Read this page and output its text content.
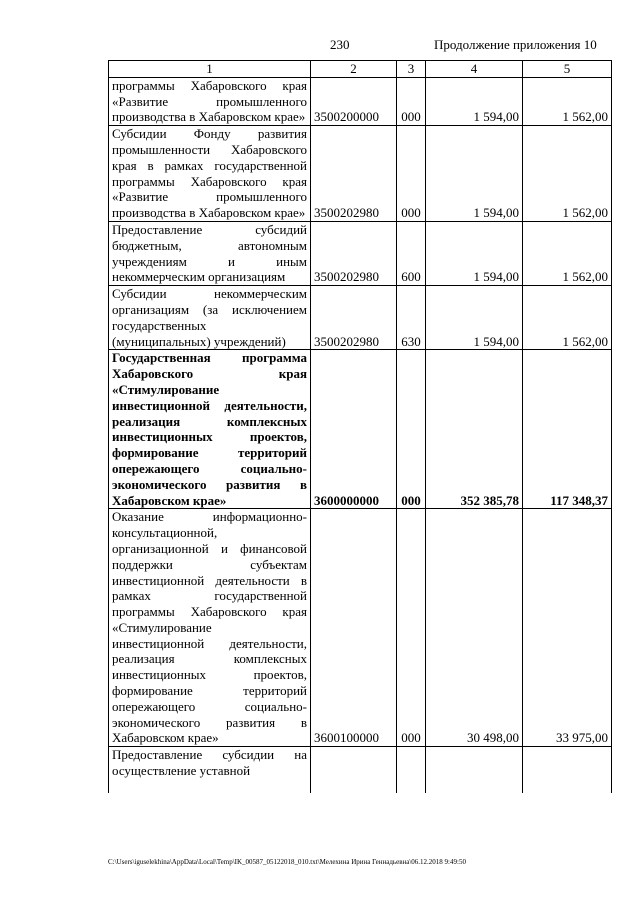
230	Продолжение приложения 10
1	2	3	4	5
программы Хабаровского края «Развитие промышленного производства в Хабаровском крае»	3500200000	000	1 594,00	1 562,00
Субсидии Фонду развития промышленности Хабаровского края в рамках государственной программы Хабаровского края «Развитие промышленного производства в Хабаровском крае»	3500202980	000	1 594,00	1 562,00
Предоставление субсидий бюджетным, автономным учреждениям и иным некоммерческим организациям	3500202980	600	1 594,00	1 562,00
Субсидии некоммерческим организациям (за исключением государственных (муниципальных) учреждений)	3500202980	630	1 594,00	1 562,00
Государственная программа Хабаровского края «Стимулирование инвестиционной деятельности, реализация комплексных инвестиционных проектов, формирование территорий опережающего социально-экономического развития в Хабаровском крае»	3600000000	000	352 385,78	117 348,37
Оказание информационно-консультационной, организационной и финансовой поддержки субъектам инвестиционной деятельности в рамках государственной программы Хабаровского края «Стимулирование инвестиционной деятельности, реализация комплексных инвестиционных проектов, формирование территорий опережающего социально-экономического развития в Хабаровском крае»	3600100000	000	30 498,00	33 975,00
Предоставление субсидии на осуществление уставной				
C:\Users\iguselekhina\AppData\Local\Temp\IK_00587_05122018_010.txt\Мелехина Ирина Геннадьевна\06.12.2018 9:49:50
